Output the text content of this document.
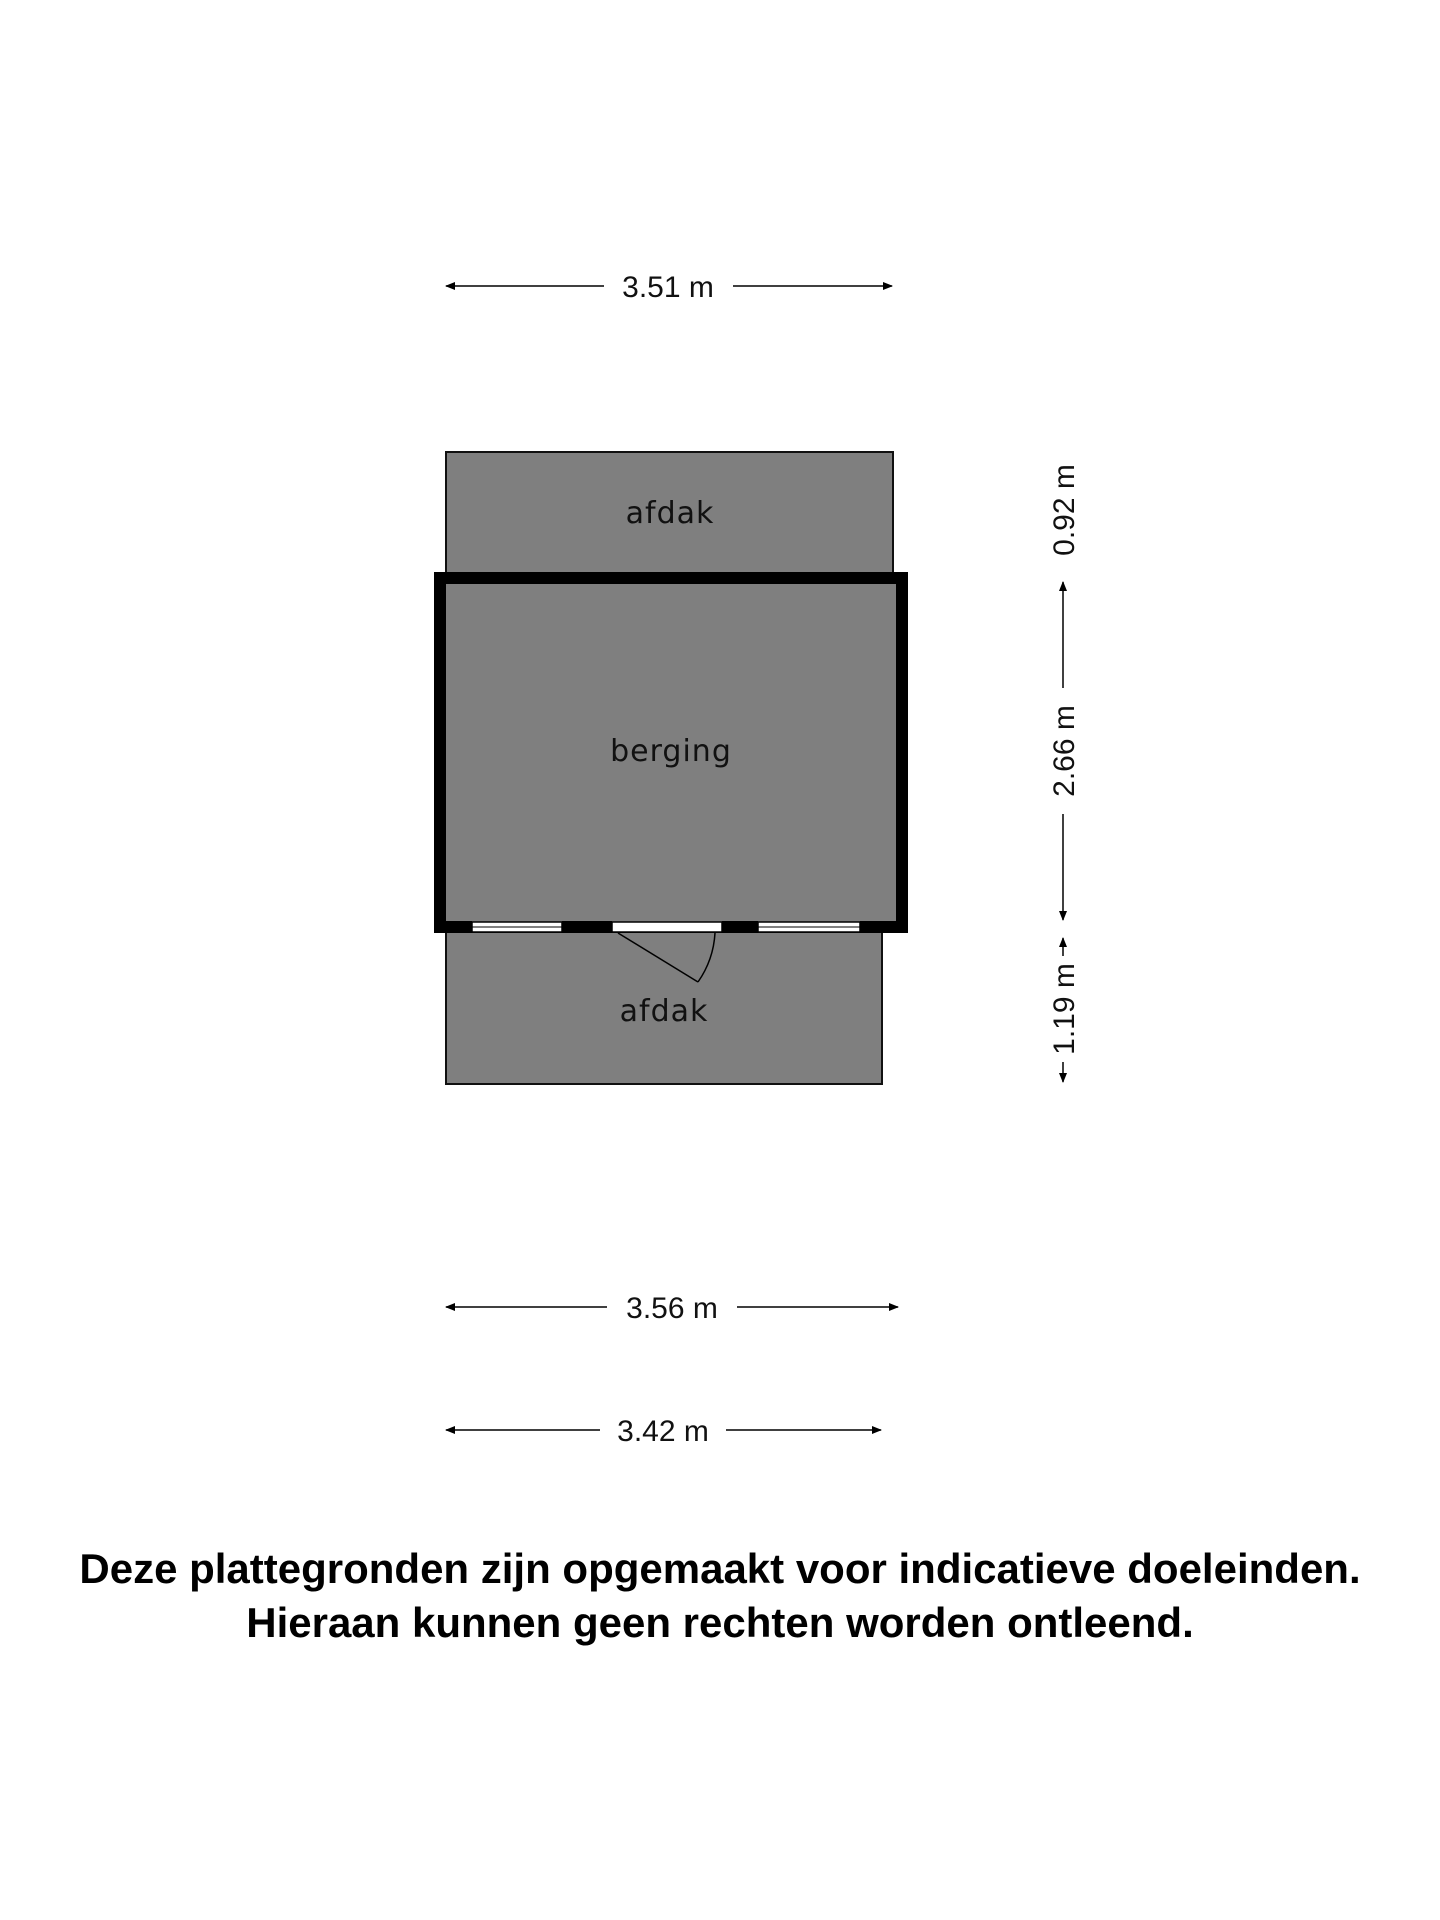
afdak
afdak
berging
3.51 m
0.92 m
2.66 m
1.19 m
3.56 m
3.42 m
Deze plattegronden zijn opgemaakt voor indicatieve doeleinden.
Hieraan kunnen geen rechten worden ontleend.
